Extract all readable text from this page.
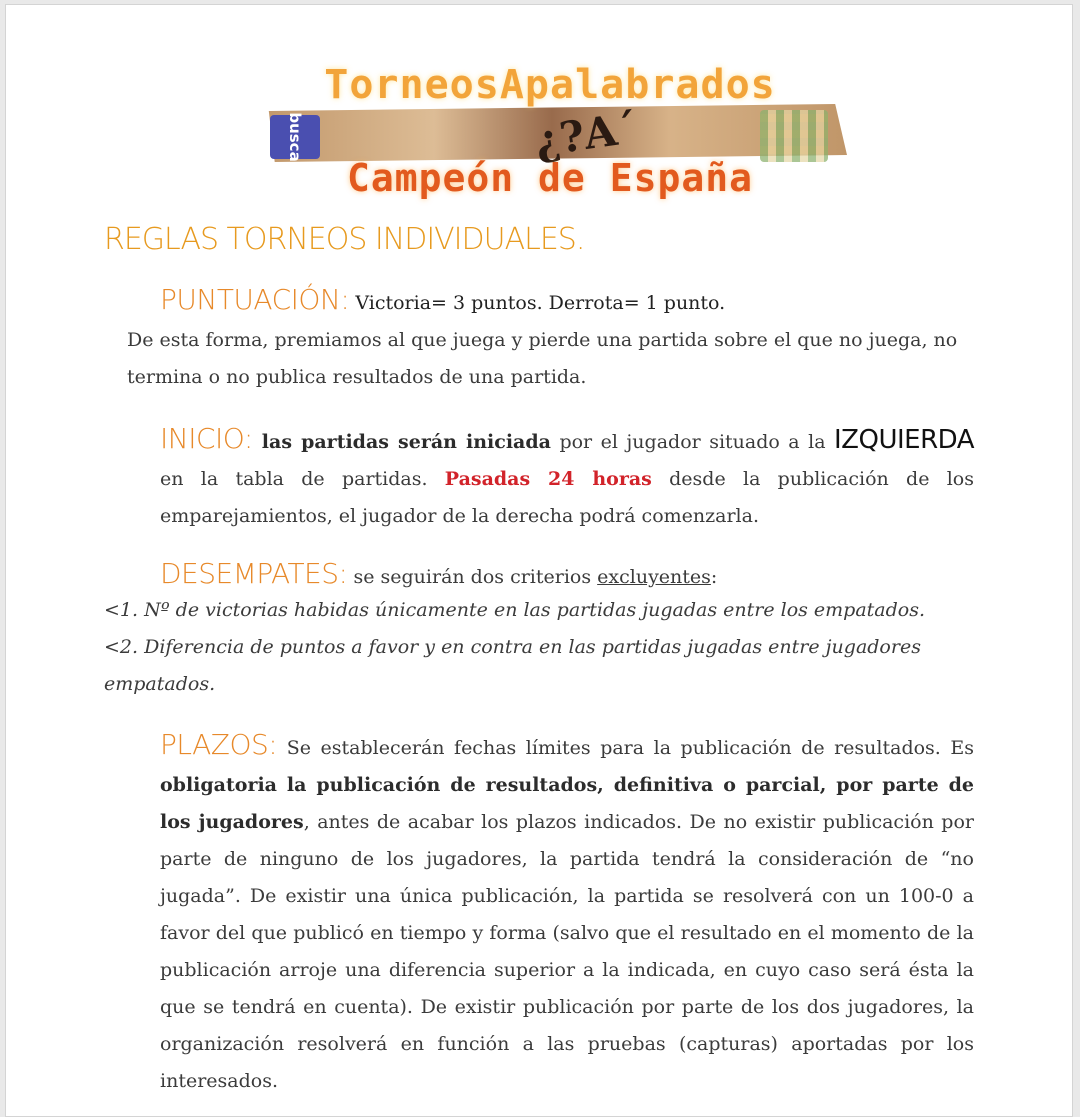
busca	¿?A´
TorneosApalabrados
Campeón de España
REGLAS TORNEOS INDIVIDUALES.
PUNTUACIÓN: Victoria= 3 puntos. Derrota= 1 punto.
De esta forma, premiamos al que juega y pierde una partida sobre el que no juega, no termina o no publica resultados de una partida.
INICIO: las partidas serán iniciada por el jugador situado a la IZQUIERDA en la tabla de partidas. Pasadas 24 horas desde la publicación de los emparejamientos, el jugador de la derecha podrá comenzarla.
DESEMPATES: se seguirán dos criterios excluyentes:
<1. Nº de victorias habidas únicamente en las partidas jugadas entre los empatados.
<2. Diferencia de puntos a favor y en contra en las partidas jugadas entre jugadores empatados.
PLAZOS: Se establecerán fechas límites para la publicación de resultados. Es obligatoria la publicación de resultados, definitiva o parcial, por parte de los jugadores, antes de acabar los plazos indicados. De no existir publicación por parte de ninguno de los jugadores, la partida tendrá la consideración de “no jugada”. De existir una única publicación, la partida se resolverá con un 100-0 a favor del que publicó en tiempo y forma (salvo que el resultado en el momento de la publicación arroje una diferencia superior a la indicada, en cuyo caso será ésta la que se tendrá en cuenta). De existir publicación por parte de los dos jugadores, la organización resolverá en función a las pruebas (capturas) aportadas por los interesados.
